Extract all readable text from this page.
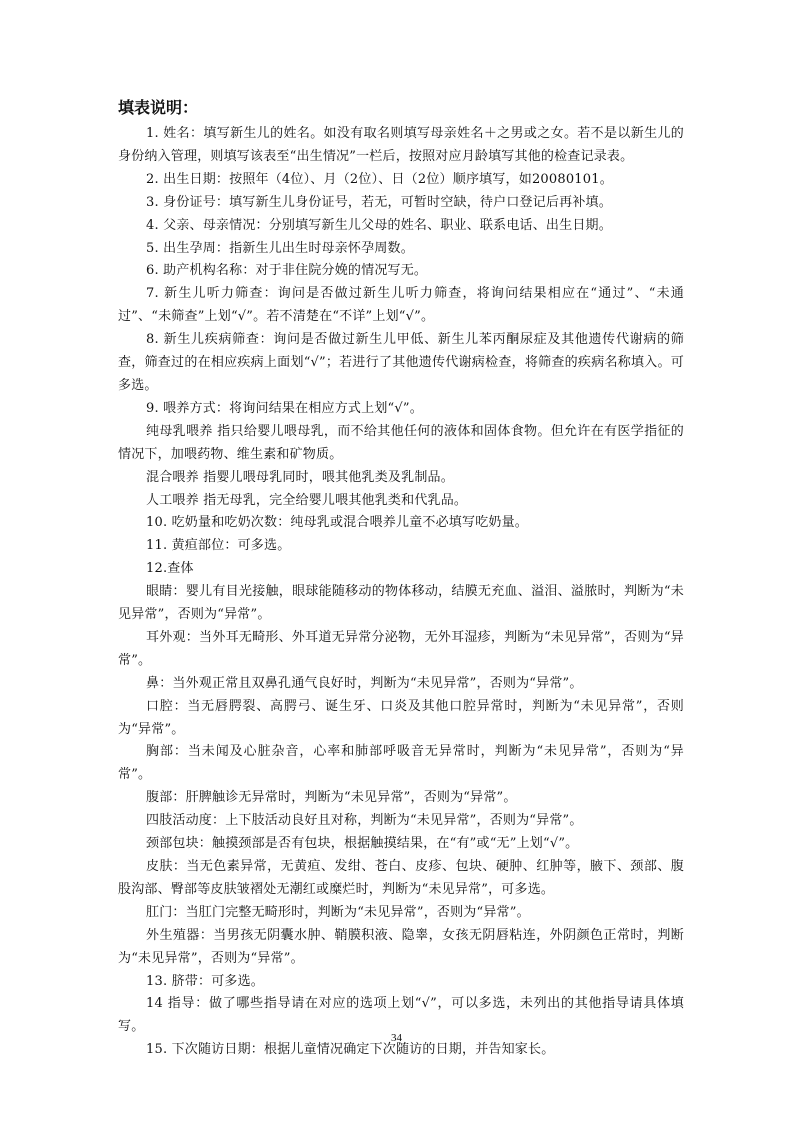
填表说明：

1. 姓名：填写新生儿的姓名。如没有取名则填写母亲姓名＋之男或之女。若不是以新生儿的身份纳入管理，则填写该表至“出生情况”一栏后，按照对应月龄填写其他的检查记录表。

2. 出生日期：按照年（4位）、月（2位）、日（2位）顺序填写，如20080101。

3. 身份证号：填写新生儿身份证号，若无，可暂时空缺，待户口登记后再补填。

4. 父亲、母亲情况：分别填写新生儿父母的姓名、职业、联系电话、出生日期。

5. 出生孕周：指新生儿出生时母亲怀孕周数。

6. 助产机构名称：对于非住院分娩的情况写无。

7. 新生儿听力筛查：询问是否做过新生儿听力筛查，将询问结果相应在“通过”、“未通过”、“未筛查”上划“√”。若不清楚在“不详”上划“√”。

8. 新生儿疾病筛查：询问是否做过新生儿甲低、新生儿苯丙酮尿症及其他遗传代谢病的筛查，筛查过的在相应疾病上面划“√”；若进行了其他遗传代谢病检查，将筛查的疾病名称填入。可多选。

9. 喂养方式：将询问结果在相应方式上划“√”。

纯母乳喂养 指只给婴儿喂母乳，而不给其他任何的液体和固体食物。但允许在有医学指征的情况下，加喂药物、维生素和矿物质。

混合喂养 指婴儿喂母乳同时，喂其他乳类及乳制品。

人工喂养 指无母乳，完全给婴儿喂其他乳类和代乳品。

10. 吃奶量和吃奶次数：纯母乳或混合喂养儿童不必填写吃奶量。

11. 黄疸部位：可多选。

12.查体

眼睛：婴儿有目光接触，眼球能随移动的物体移动，结膜无充血、溢泪、溢脓时，判断为“未见异常”，否则为“异常”。

耳外观：当外耳无畸形、外耳道无异常分泌物，无外耳湿疹，判断为“未见异常”，否则为“异常”。

鼻：当外观正常且双鼻孔通气良好时，判断为“未见异常”，否则为“异常”。

口腔：当无唇腭裂、高腭弓、诞生牙、口炎及其他口腔异常时，判断为“未见异常”，否则为“异常”。

胸部：当未闻及心脏杂音，心率和肺部呼吸音无异常时，判断为“未见异常”，否则为“异常”。

腹部：肝脾触诊无异常时，判断为“未见异常”，否则为“异常”。

四肢活动度：上下肢活动良好且对称，判断为“未见异常”，否则为“异常”。

颈部包块：触摸颈部是否有包块，根据触摸结果，在“有”或“无”上划“√”。

皮肤：当无色素异常，无黄疸、发绀、苍白、皮疹、包块、硬肿、红肿等，腋下、颈部、腹股沟部、臀部等皮肤皱褶处无潮红或糜烂时，判断为“未见异常”，可多选。

肛门：当肛门完整无畸形时，判断为“未见异常”，否则为“异常”。

外生殖器：当男孩无阴囊水肿、鞘膜积液、隐睾，女孩无阴唇粘连，外阴颜色正常时，判断为“未见异常”，否则为“异常”。

13. 脐带：可多选。

14 指导：做了哪些指导请在对应的选项上划“√”，可以多选，未列出的其他指导请具体填写。

15. 下次随访日期：根据儿童情况确定下次随访的日期，并告知家长。

34
